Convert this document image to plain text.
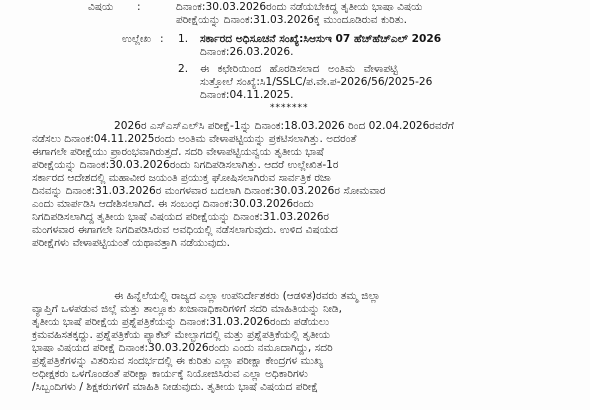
ವಿಷಯ :	ದಿನಾಂಕ:30.03.2026ರಂದು ನಡೆಯಬೇಕಿದ್ದ ತೃತೀಯ ಭಾಷಾ ವಿಷಯ
ಪರೀಕ್ಷೆಯನ್ನು ದಿನಾಂಕ:31.03.2026ಕ್ಕೆ ಮುಂದೂಡಿರುವ ಕುರಿತು.
ಉಲ್ಲೇಖ : 1. ಸರ್ಕಾರದ ಅಧಿಸೂಚನೆ ಸಂಖ್ಯೆ:ಸಿಆಸುಇ 07 ಹೆಚ್‌ಹೆಚ್‌ಎಲ್ 2026
ದಿನಾಂಕ:26.03.2026.
2. ಈ ಕಛೇರಿಯಿಂದ ಹೊರಡಿಸಲಾದ ಅಂತಿಮ ವೇಳಾಪಟ್ಟಿ
ಸುತ್ತೋಲೆ ಸಂಖ್ಯೆ:ಸಿ1/SSLC/ಪ.ವೇ.ಪ-2026/56/2025-26
ದಿನಾಂಕ:04.11.2025.
*******
2026ರ ಎಸ್‌ಎಸ್‌ಎಲ್‌ಸಿ ಪರೀಕ್ಷೆ-1ನ್ನು ದಿನಾಂಕ:18.03.2026 ರಿಂದ 02.04.2026ರವರೆಗೆ
ನಡೆಸಲು ದಿನಾಂಕ:04.11.2025ರಂದು ಅಂತಿಮ ವೇಳಾಪಟ್ಟಿಯನ್ನು ಪ್ರಕಟಿಸಲಾಗಿತ್ತು. ಅದರಂತೆ
ಈಗಾಗಲೇ ಪರೀಕ್ಷೆಯು ಪ್ರಾರಂಭವಾಗಿರುತ್ತದೆ. ಸದರಿ ವೇಳಾಪಟ್ಟಿಯನ್ವಯ ತೃತೀಯ ಭಾಷೆ
ಪರೀಕ್ಷೆಯನ್ನು ದಿನಾಂಕ:30.03.2026ರಂದು ನಿಗದಿಪಡಿಸಲಾಗಿತ್ತು. ಆದರೆ ಉಲ್ಲೇಖಿತ-1ರ
ಸರ್ಕಾರದ ಆದೇಶದಲ್ಲಿ ಮಹಾವೀರ ಜಯಂತಿ ಪ್ರಯುಕ್ತ ಘೋಷಿಸಲಾಗಿರುವ ಸಾರ್ವತ್ರಿಕ ರಜಾ
ದಿನವನ್ನು ದಿನಾಂಕ:31.03.2026ರ ಮಂಗಳವಾರ ಬದಲಾಗಿ ದಿನಾಂಕ:30.03.2026ರ ಸೋಮವಾರ
ಎಂದು ಮಾರ್ಪಡಿಸಿ ಆದೇಶಿಸಲಾಗಿದೆ. ಈ ಸಂಬಂಧ ದಿನಾಂಕ:30.03.2026ರಂದು
ನಿಗದಿಪಡಿಸಲಾಗಿದ್ದ ತೃತೀಯ ಭಾಷೆ ವಿಷಯದ ಪರೀಕ್ಷೆಯನ್ನು ದಿನಾಂಕ:31.03.2026ರ
ಮಂಗಳವಾರ ಈಗಾಗಲೇ ನಿಗದಿಪಡಿಸಿರುವ ಅವಧಿಯಲ್ಲಿ ನಡೆಸಲಾಗುವುದು. ಉಳಿದ ವಿಷಯದ
ಪರೀಕ್ಷೆಗಳು ವೇಳಾಪಟ್ಟಿಯಂತೆ ಯಥಾವತ್ತಾಗಿ ನಡೆಯುವುದು.
ಈ ಹಿನ್ನೆಲೆಯಲ್ಲಿ ರಾಜ್ಯದ ಎಲ್ಲಾ ಉಪನಿರ್ದೇಶಕರು (ಆಡಳಿತ)ರವರು ತಮ್ಮ ಜಿಲ್ಲಾ
ವ್ಯಾಪ್ತಿಗೆ ಒಳಪಡುವ ಜಿಲ್ಲೆ ಮತ್ತು ತಾಲ್ಲೂಕು ಖಜಾನಾಧಿಕಾರಿಗಳಿಗೆ ಸದರಿ ಮಾಹಿತಿಯನ್ನು ನೀಡಿ,
ತೃತೀಯ ಭಾಷೆ ಪರೀಕ್ಷೆಯ ಪ್ರಶ್ನೆಪತ್ರಿಕೆಯನ್ನು ದಿನಾಂಕ:31.03.2026ರಂದು ಪಡೆಯಲು
ಕ್ರಮವಹಿಸತಕ್ಕದ್ದು. ಪ್ರಶ್ನೆಪತ್ರಿಕೆಯ ಪ್ಯಾಕೆಟ್ ಮೇಲ್ಭಾಗದಲ್ಲಿ ಮತ್ತು ಪ್ರಶ್ನೆಪತ್ರಿಕೆಯಲ್ಲಿ ತೃತೀಯ
ಭಾಷಾ ವಿಷಯದ ಪರೀಕ್ಷೆ ದಿನಾಂಕ:30.03.2026ರಂದು ಎಂದು ನಮೂದಾಗಿದ್ದು, ಸದರಿ
ಪ್ರಶ್ನೆಪತ್ರಿಕೆಗಳನ್ನು ವಿತರಿಸುವ ಸಂದರ್ಭದಲ್ಲಿ ಈ ಕುರಿತು ಎಲ್ಲಾ ಪರೀಕ್ಷಾ ಕೇಂದ್ರಗಳ ಮುಖ್ಯ
ಅಧೀಕ್ಷಕರು ಒಳಗೊಂಡಂತೆ ಪರೀಕ್ಷಾ ಕಾರ್ಯಕ್ಕೆ ನಿಯೋಜಿಸಿರುವ ಎಲ್ಲಾ ಅಧಿಕಾರಿಗಳು
/ಸಿಬ್ಬಂದಿಗಳು / ಶಿಕ್ಷಕರುಗಳಿಗೆ ಮಾಹಿತಿ ನೀಡುವುದು. ತೃತೀಯ ಭಾಷೆ ವಿಷಯದ ಪರೀಕ್ಷೆ
